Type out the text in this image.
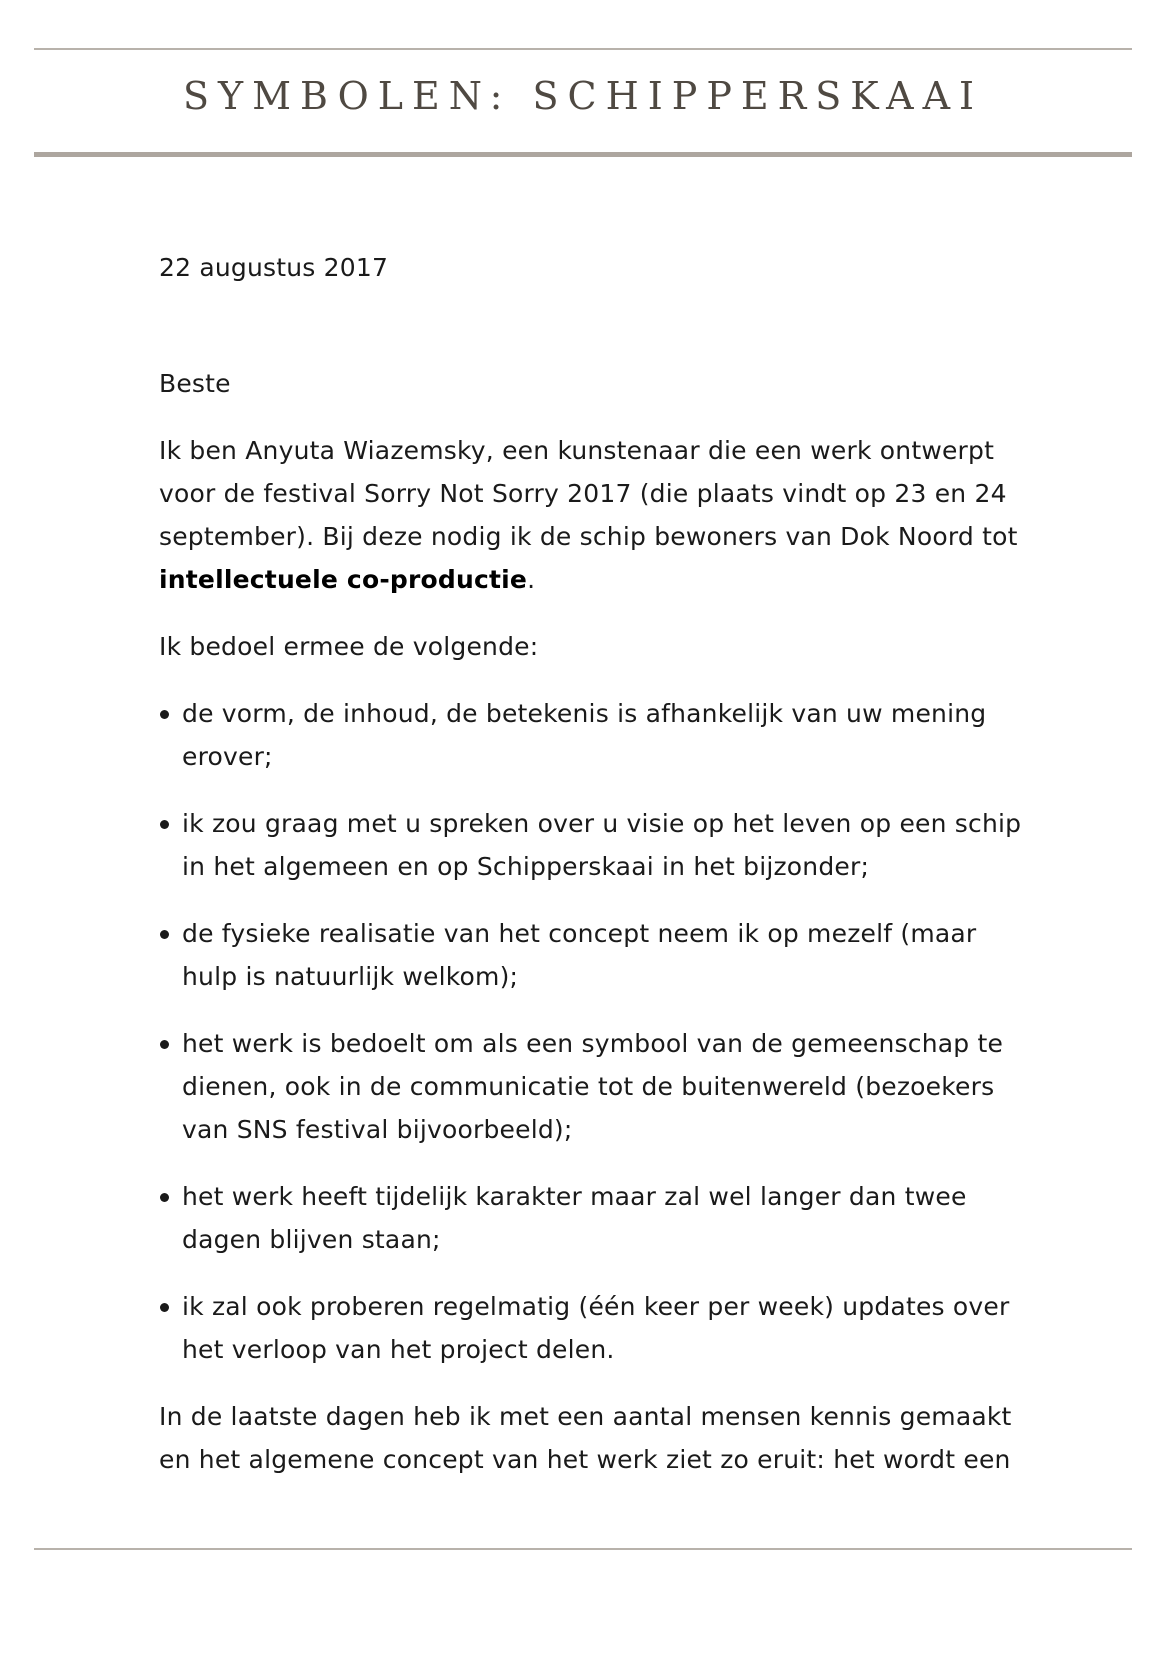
SYMBOLEN: SCHIPPERSKAAI

22 augustus 2017

Beste

Ik ben Anyuta Wiazemsky, een kunstenaar die een werk ontwerpt voor de festival Sorry Not Sorry 2017 (die plaats vindt op 23 en 24 september). Bij deze nodig ik de schip bewoners van Dok Noord tot intellectuele co-productie.

Ik bedoel ermee de volgende:

de vorm, de inhoud, de betekenis is afhankelijk van uw mening erover;
ik zou graag met u spreken over u visie op het leven op een schip in het algemeen en op Schipperskaai in het bijzonder;
de fysieke realisatie van het concept neem ik op mezelf (maar hulp is natuurlijk welkom);
het werk is bedoelt om als een symbool van de gemeenschap te dienen, ook in de communicatie tot de buitenwereld (bezoekers van SNS festival bijvoorbeeld);
het werk heeft tijdelijk karakter maar zal wel langer dan twee dagen blijven staan;
ik zal ook proberen regelmatig (één keer per week) updates over het verloop van het project delen.

In de laatste dagen heb ik met een aantal mensen kennis gemaakt en het algemene concept van het werk ziet zo eruit: het wordt een
